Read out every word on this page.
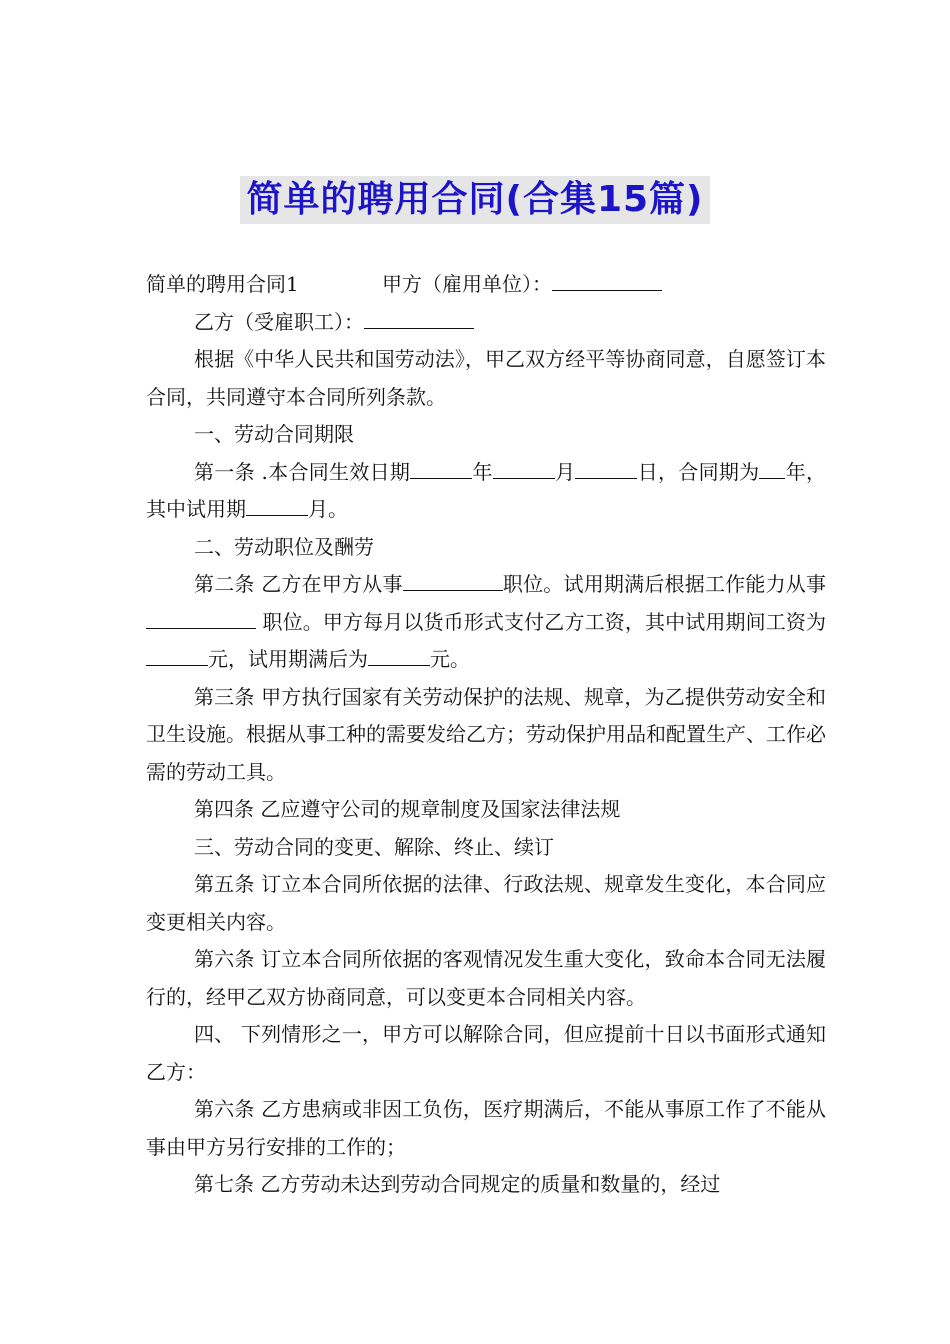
简单的聘用合同(合集15篇)
简单的聘用合同1	甲方（雇用单位）：

乙方（受雇职工）：

根据《中华人民共和国劳动法》，甲乙双方经平等协商同意，自愿签订本合同，共同遵守本合同所列条款。

一、劳动合同期限

第一条 .本合同生效日期	年	月	日，合同期为 年，其中试用期	月。

二、劳动职位及酬劳

第二条 乙方在甲方从事	职位。试用期满后根据工作能力从事 职位。甲方每月以货币形式支付乙方工资，其中试用期间工资为元，试用期满后为	元。

第三条 甲方执行国家有关劳动保护的法规、规章，为乙提供劳动安全和卫生设施。根据从事工种的需要发给乙方；劳动保护用品和配置生产、工作必需的劳动工具。

第四条 乙应遵守公司的规章制度及国家法律法规

三、劳动合同的变更、解除、终止、续订

第五条 订立本合同所依据的法律、行政法规、规章发生变化，本合同应变更相关内容。

第六条 订立本合同所依据的客观情况发生重大变化，致命本合同无法履行的，经甲乙双方协商同意，可以变更本合同相关内容。

四、 下列情形之一，甲方可以解除合同，但应提前十日以书面形式通知乙方：

第六条 乙方患病或非因工负伤，医疗期满后，不能从事原工作了不能从事由甲方另行安排的工作的；

第七条 乙方劳动未达到劳动合同规定的质量和数量的，经过
